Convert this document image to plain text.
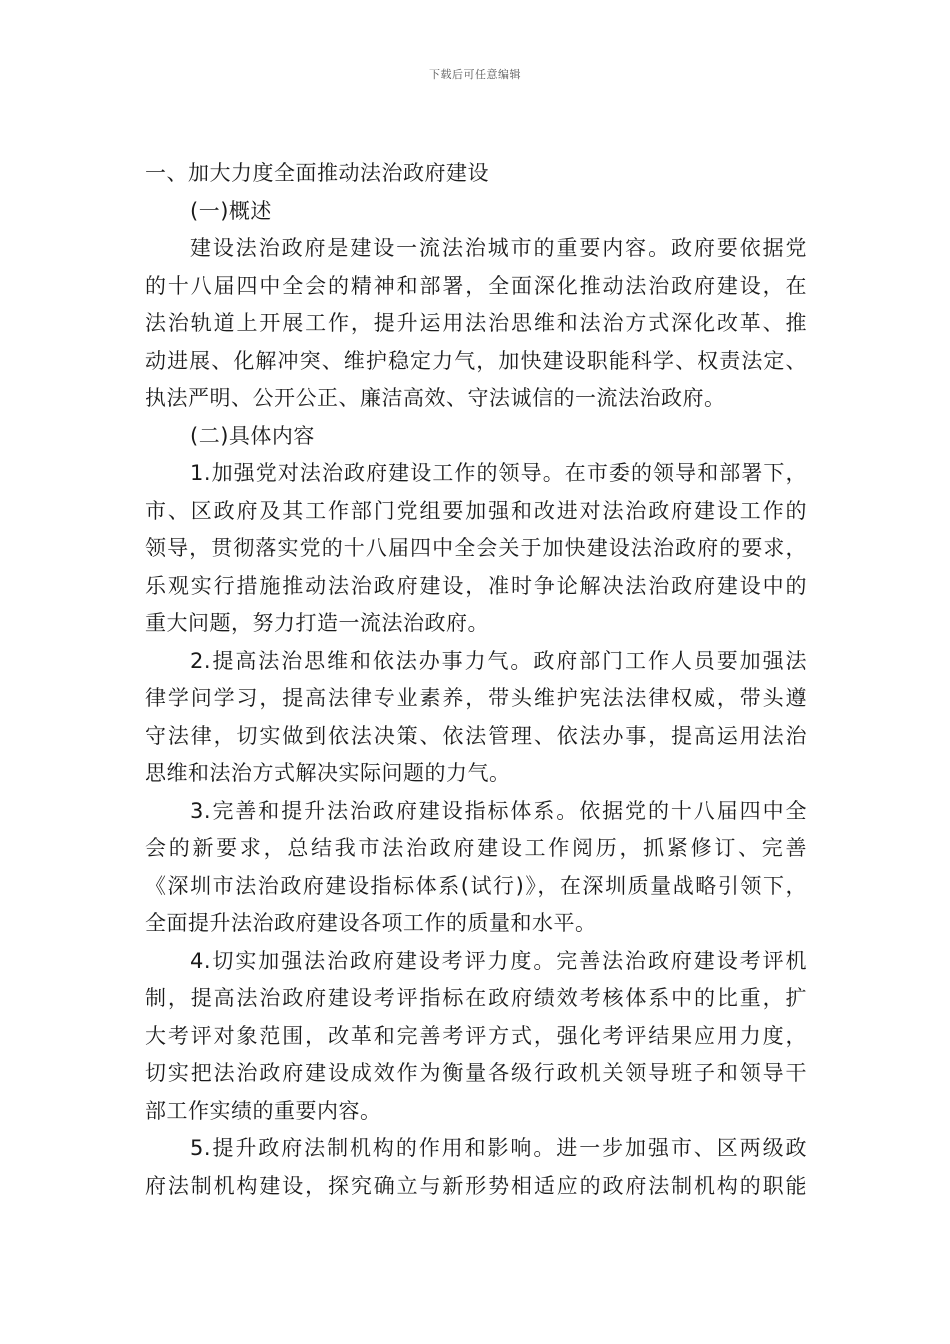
下载后可任意编辑
一、加大力度全面推动法治政府建设
(一)概述
建设法治政府是建设一流法治城市的重要内容。政府要依据党
的十八届四中全会的精神和部署，全面深化推动法治政府建设，在
法治轨道上开展工作，提升运用法治思维和法治方式深化改革、推
动进展、化解冲突、维护稳定力气，加快建设职能科学、权责法定、
执法严明、公开公正、廉洁高效、守法诚信的一流法治政府。
(二)具体内容
1.加强党对法治政府建设工作的领导。在市委的领导和部署下，
市、区政府及其工作部门党组要加强和改进对法治政府建设工作的
领导，贯彻落实党的十八届四中全会关于加快建设法治政府的要求，
乐观实行措施推动法治政府建设，准时争论解决法治政府建设中的
重大问题，努力打造一流法治政府。
2.提高法治思维和依法办事力气。政府部门工作人员要加强法
律学问学习，提高法律专业素养，带头维护宪法法律权威，带头遵
守法律，切实做到依法决策、依法管理、依法办事，提高运用法治
思维和法治方式解决实际问题的力气。
3.完善和提升法治政府建设指标体系。依据党的十八届四中全
会的新要求，总结我市法治政府建设工作阅历，抓紧修订、完善
《深圳市法治政府建设指标体系(试行)》，在深圳质量战略引领下，
全面提升法治政府建设各项工作的质量和水平。
4.切实加强法治政府建设考评力度。完善法治政府建设考评机
制，提高法治政府建设考评指标在政府绩效考核体系中的比重，扩
大考评对象范围，改革和完善考评方式，强化考评结果应用力度，
切实把法治政府建设成效作为衡量各级行政机关领导班子和领导干
部工作实绩的重要内容。
5.提升政府法制机构的作用和影响。进一步加强市、区两级政
府法制机构建设，探究确立与新形势相适应的政府法制机构的职能
